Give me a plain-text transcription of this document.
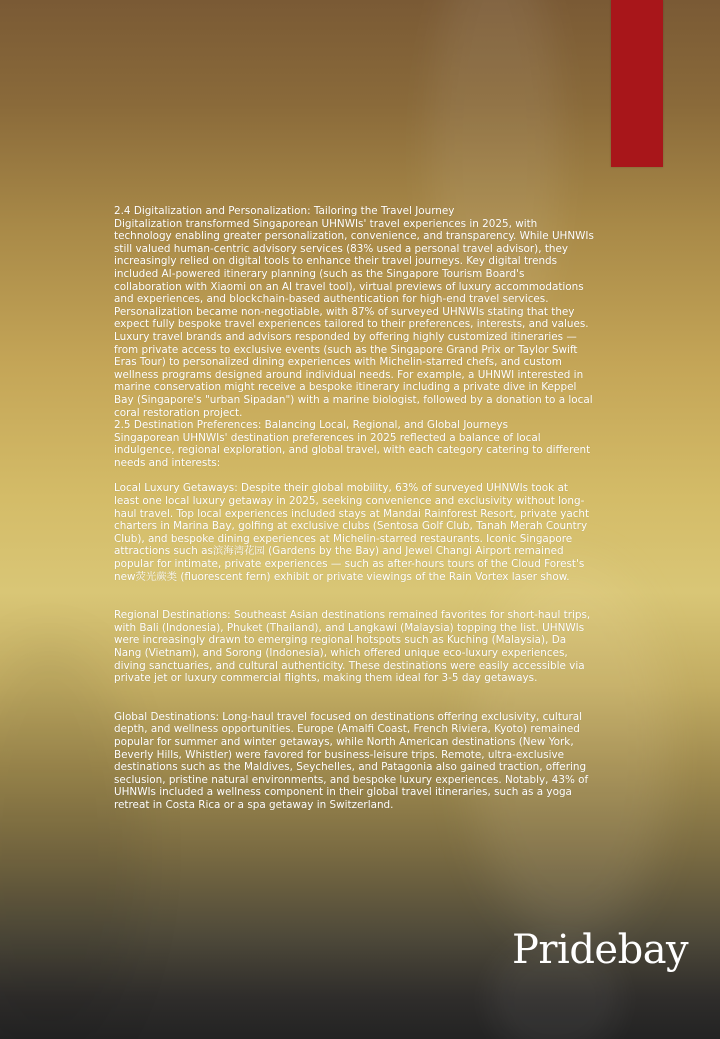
2.4 Digitalization and Personalization: Tailoring the Travel Journey

Digitalization transformed Singaporean UHNWIs' travel experiences in 2025, with technology enabling greater personalization, convenience, and transparency. While UHNWIs still valued human-centric advisory services (83% used a personal travel advisor), they increasingly relied on digital tools to enhance their travel journeys. Key digital trends included AI-powered itinerary planning (such as the Singapore Tourism Board's collaboration with Xiaomi on an AI travel tool), virtual previews of luxury accommodations and experiences, and blockchain-based authentication for high-end travel services.

Personalization became non-negotiable, with 87% of surveyed UHNWIs stating that they expect fully bespoke travel experiences tailored to their preferences, interests, and values. Luxury travel brands and advisors responded by offering highly customized itineraries — from private access to exclusive events (such as the Singapore Grand Prix or Taylor Swift Eras Tour) to personalized dining experiences with Michelin-starred chefs, and custom wellness programs designed around individual needs. For example, a UHNWI interested in marine conservation might receive a bespoke itinerary including a private dive in Keppel Bay (Singapore's "urban Sipadan") with a marine biologist, followed by a donation to a local coral restoration project.

2.5 Destination Preferences: Balancing Local, Regional, and Global Journeys

Singaporean UHNWIs' destination preferences in 2025 reflected a balance of local indulgence, regional exploration, and global travel, with each category catering to different needs and interests:

Local Luxury Getaways: Despite their global mobility, 63% of surveyed UHNWIs took at least one local luxury getaway in 2025, seeking convenience and exclusivity without long-haul travel. Top local experiences included stays at Mandai Rainforest Resort, private yacht charters in Marina Bay, golfing at exclusive clubs (Sentosa Golf Club, Tanah Merah Country Club), and bespoke dining experiences at Michelin-starred restaurants. Iconic Singapore attractions such as滨海湾花园 (Gardens by the Bay) and Jewel Changi Airport remained popular for intimate, private experiences — such as after-hours tours of the Cloud Forest's new荧光蕨类 (fluorescent fern) exhibit or private viewings of the Rain Vortex laser show.

Regional Destinations: Southeast Asian destinations remained favorites for short-haul trips, with Bali (Indonesia), Phuket (Thailand), and Langkawi (Malaysia) topping the list. UHNWIs were increasingly drawn to emerging regional hotspots such as Kuching (Malaysia), Da Nang (Vietnam), and Sorong (Indonesia), which offered unique eco-luxury experiences, diving sanctuaries, and cultural authenticity. These destinations were easily accessible via private jet or luxury commercial flights, making them ideal for 3-5 day getaways.

Global Destinations: Long-haul travel focused on destinations offering exclusivity, cultural depth, and wellness opportunities. Europe (Amalfi Coast, French Riviera, Kyoto) remained popular for summer and winter getaways, while North American destinations (New York, Beverly Hills, Whistler) were favored for business-leisure trips. Remote, ultra-exclusive destinations such as the Maldives, Seychelles, and Patagonia also gained traction, offering seclusion, pristine natural environments, and bespoke luxury experiences. Notably, 43% of UHNWIs included a wellness component in their global travel itineraries, such as a yoga retreat in Costa Rica or a spa getaway in Switzerland.

Pridebay
